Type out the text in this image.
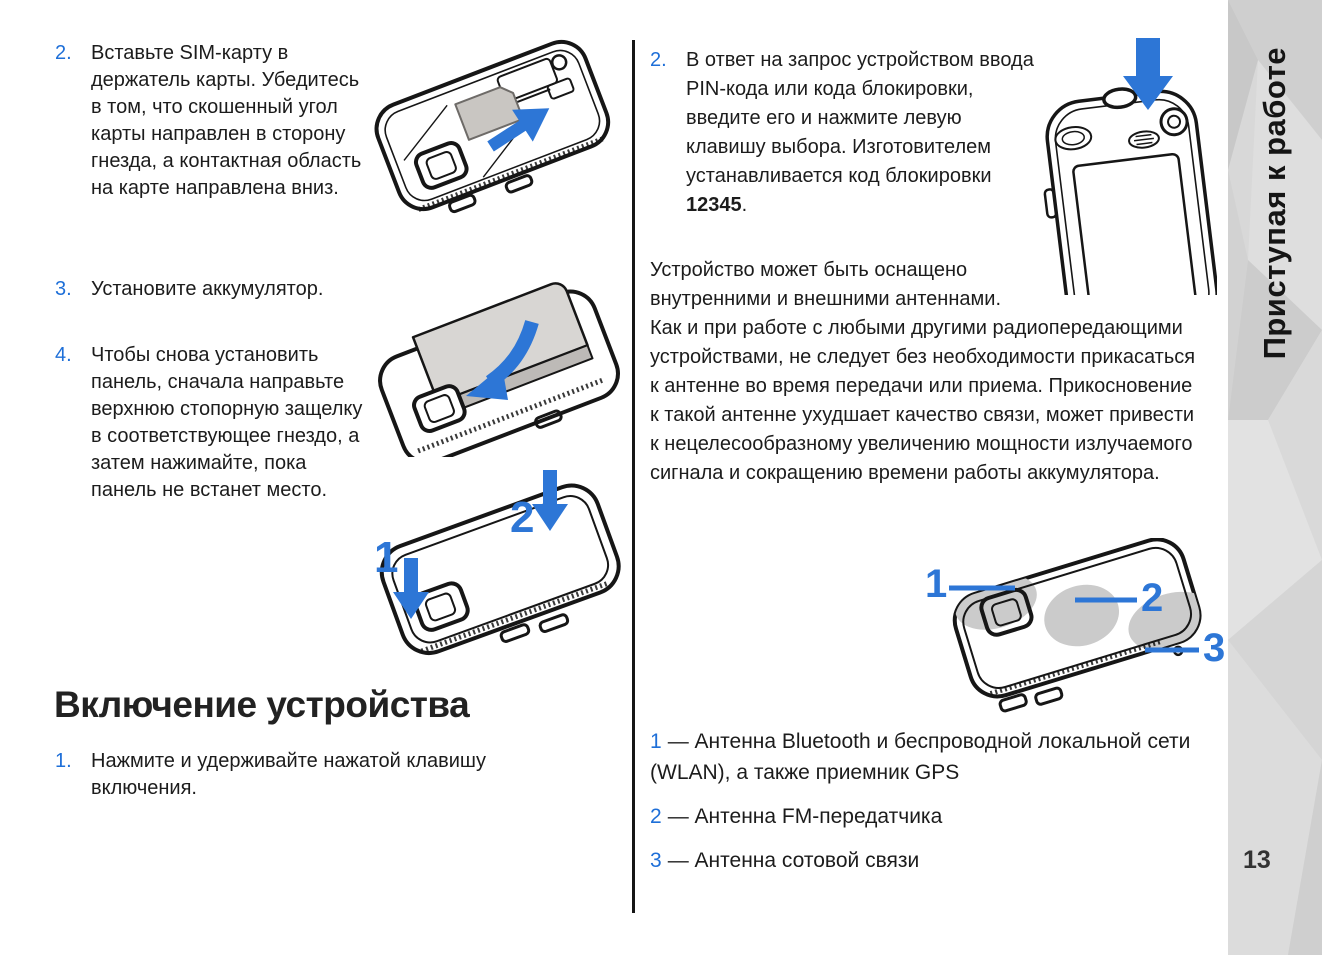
2. Вставьте SIM-карту в держатель карты. Убедитесь в том, что скошенный угол карты направлен в сторону гнезда, а контактная область на карте направлена вниз.
3. Установите аккумулятор.
4. Чтобы снова установить панель, сначала направьте верхнюю стопорную защелку в соответствующее гнездо, а затем нажимайте, пока панель не встанет место.
Включение устройства
1. Нажмите и удерживайте нажатой клавишу включения.
1
2
2. В ответ на запрос устройством ввода PIN-кода или кода блокировки, введите его и нажмите левую клавишу выбора. Изготовителем устанавливается код блокировки 12345.
Устройство может быть оснащено внутренними и внешними антеннами. Как и при работе с любыми другими радиопередающими устройствами, не следует без необходимости прикасаться к антенне во время передачи или приема. Прикосновение к такой антенне ухудшает качество связи, может привести к нецелесообразному увеличению мощности излучаемого сигнала и сокращению времени работы аккумулятора.
1	2
3
1 — Антенна Bluetooth и беспроводной локальной сети (WLAN), а также приемник GPS
2 — Антенна FM-передатчика
3 — Антенна сотовой связи
Приступая к работе
13
